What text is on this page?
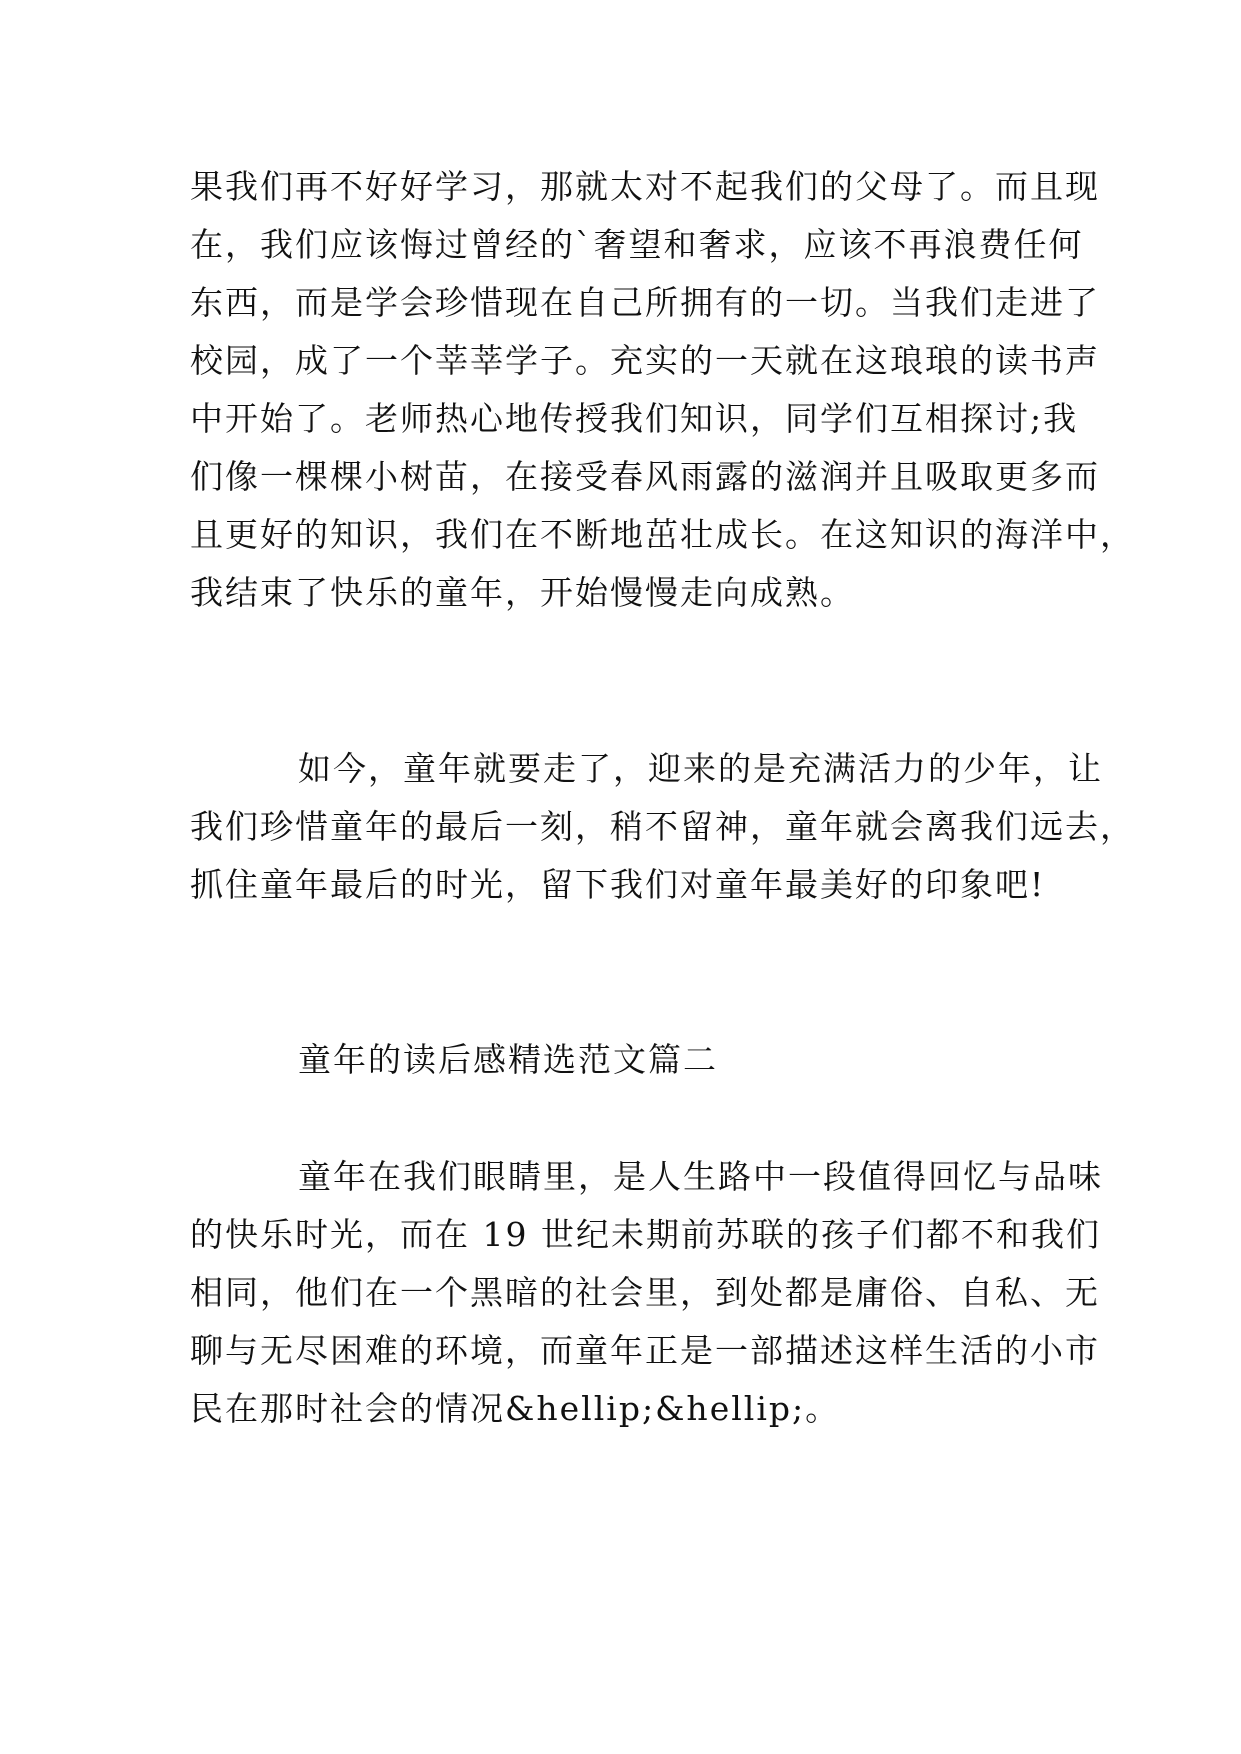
果我们再不好好学习，那就太对不起我们的父母了。而且现
在，我们应该悔过曾经的`奢望和奢求，应该不再浪费任何
东西，而是学会珍惜现在自己所拥有的一切。当我们走进了
校园，成了一个莘莘学子。充实的一天就在这琅琅的读书声
中开始了。老师热心地传授我们知识，同学们互相探讨;我
们像一棵棵小树苗，在接受春风雨露的滋润并且吸取更多而
且更好的知识，我们在不断地茁壮成长。在这知识的海洋中，
我结束了快乐的童年，开始慢慢走向成熟。
如今，童年就要走了，迎来的是充满活力的少年，让
我们珍惜童年的最后一刻，稍不留神，童年就会离我们远去，
抓住童年最后的时光，留下我们对童年最美好的印象吧!
童年的读后感精选范文篇二
童年在我们眼睛里，是人生路中一段值得回忆与品味
的快乐时光，而在 19 世纪未期前苏联的孩子们都不和我们
相同，他们在一个黑暗的社会里，到处都是庸俗、自私、无
聊与无尽困难的环境，而童年正是一部描述这样生活的小市
民在那时社会的情况&hellip;&hellip;。
